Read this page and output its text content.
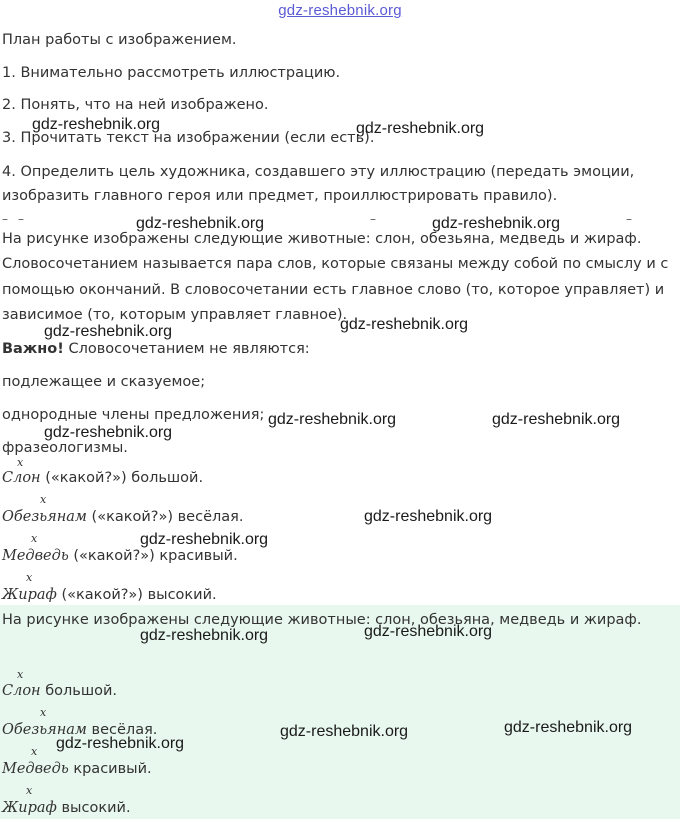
gdz-reshebnik.org
План работы с изображением.
1. Внимательно рассмотреть иллюстрацию.
2. Понять, что на ней изображено.
3. Прочитать текст на изображении (если есть).
4. Определить цель художника, создавшего эту иллюстрацию (передать эмоции,
изобразить главного героя или предмет, проиллюстрировать правило).
– –	–	–
На рисунке изображены следующие животные: слон, обезьяна, медведь и жираф.
Словосочетанием называется пара слов, которые связаны между собой по смыслу и с
помощью окончаний. В словосочетании есть главное слово (то, которое управляет) и
зависимое (то, которым управляет главное).
Важно! Словосочетанием не являются:
подлежащее и сказуемое;
однородные члены предложения;
фразеологизмы.
x
Слон («какой?») большой.
x
Обезьянам («какой?») весёлая.
x
Медведь («какой?») красивый.
x
Жираф («какой?») высокий.
На рисунке изображены следующие животные: слон, обезьяна, медведь и жираф.
x
Слон большой.
x
Обезьянам весёлая.
x
Медведь красивый.
x
Жираф высокий.
gdz-reshebnik.org	gdz-reshebnik.org
gdz-reshebnik.org	gdz-reshebnik.org
gdz-reshebnik.org	gdz-reshebnik.org
gdz-reshebnik.org
gdz-reshebnik.org	gdz-reshebnik.org
gdz-reshebnik.org
gdz-reshebnik.org
gdz-reshebnik.org	gdz-reshebnik.org
gdz-reshebnik.org
gdz-reshebnik.org	gdz-reshebnik.org
